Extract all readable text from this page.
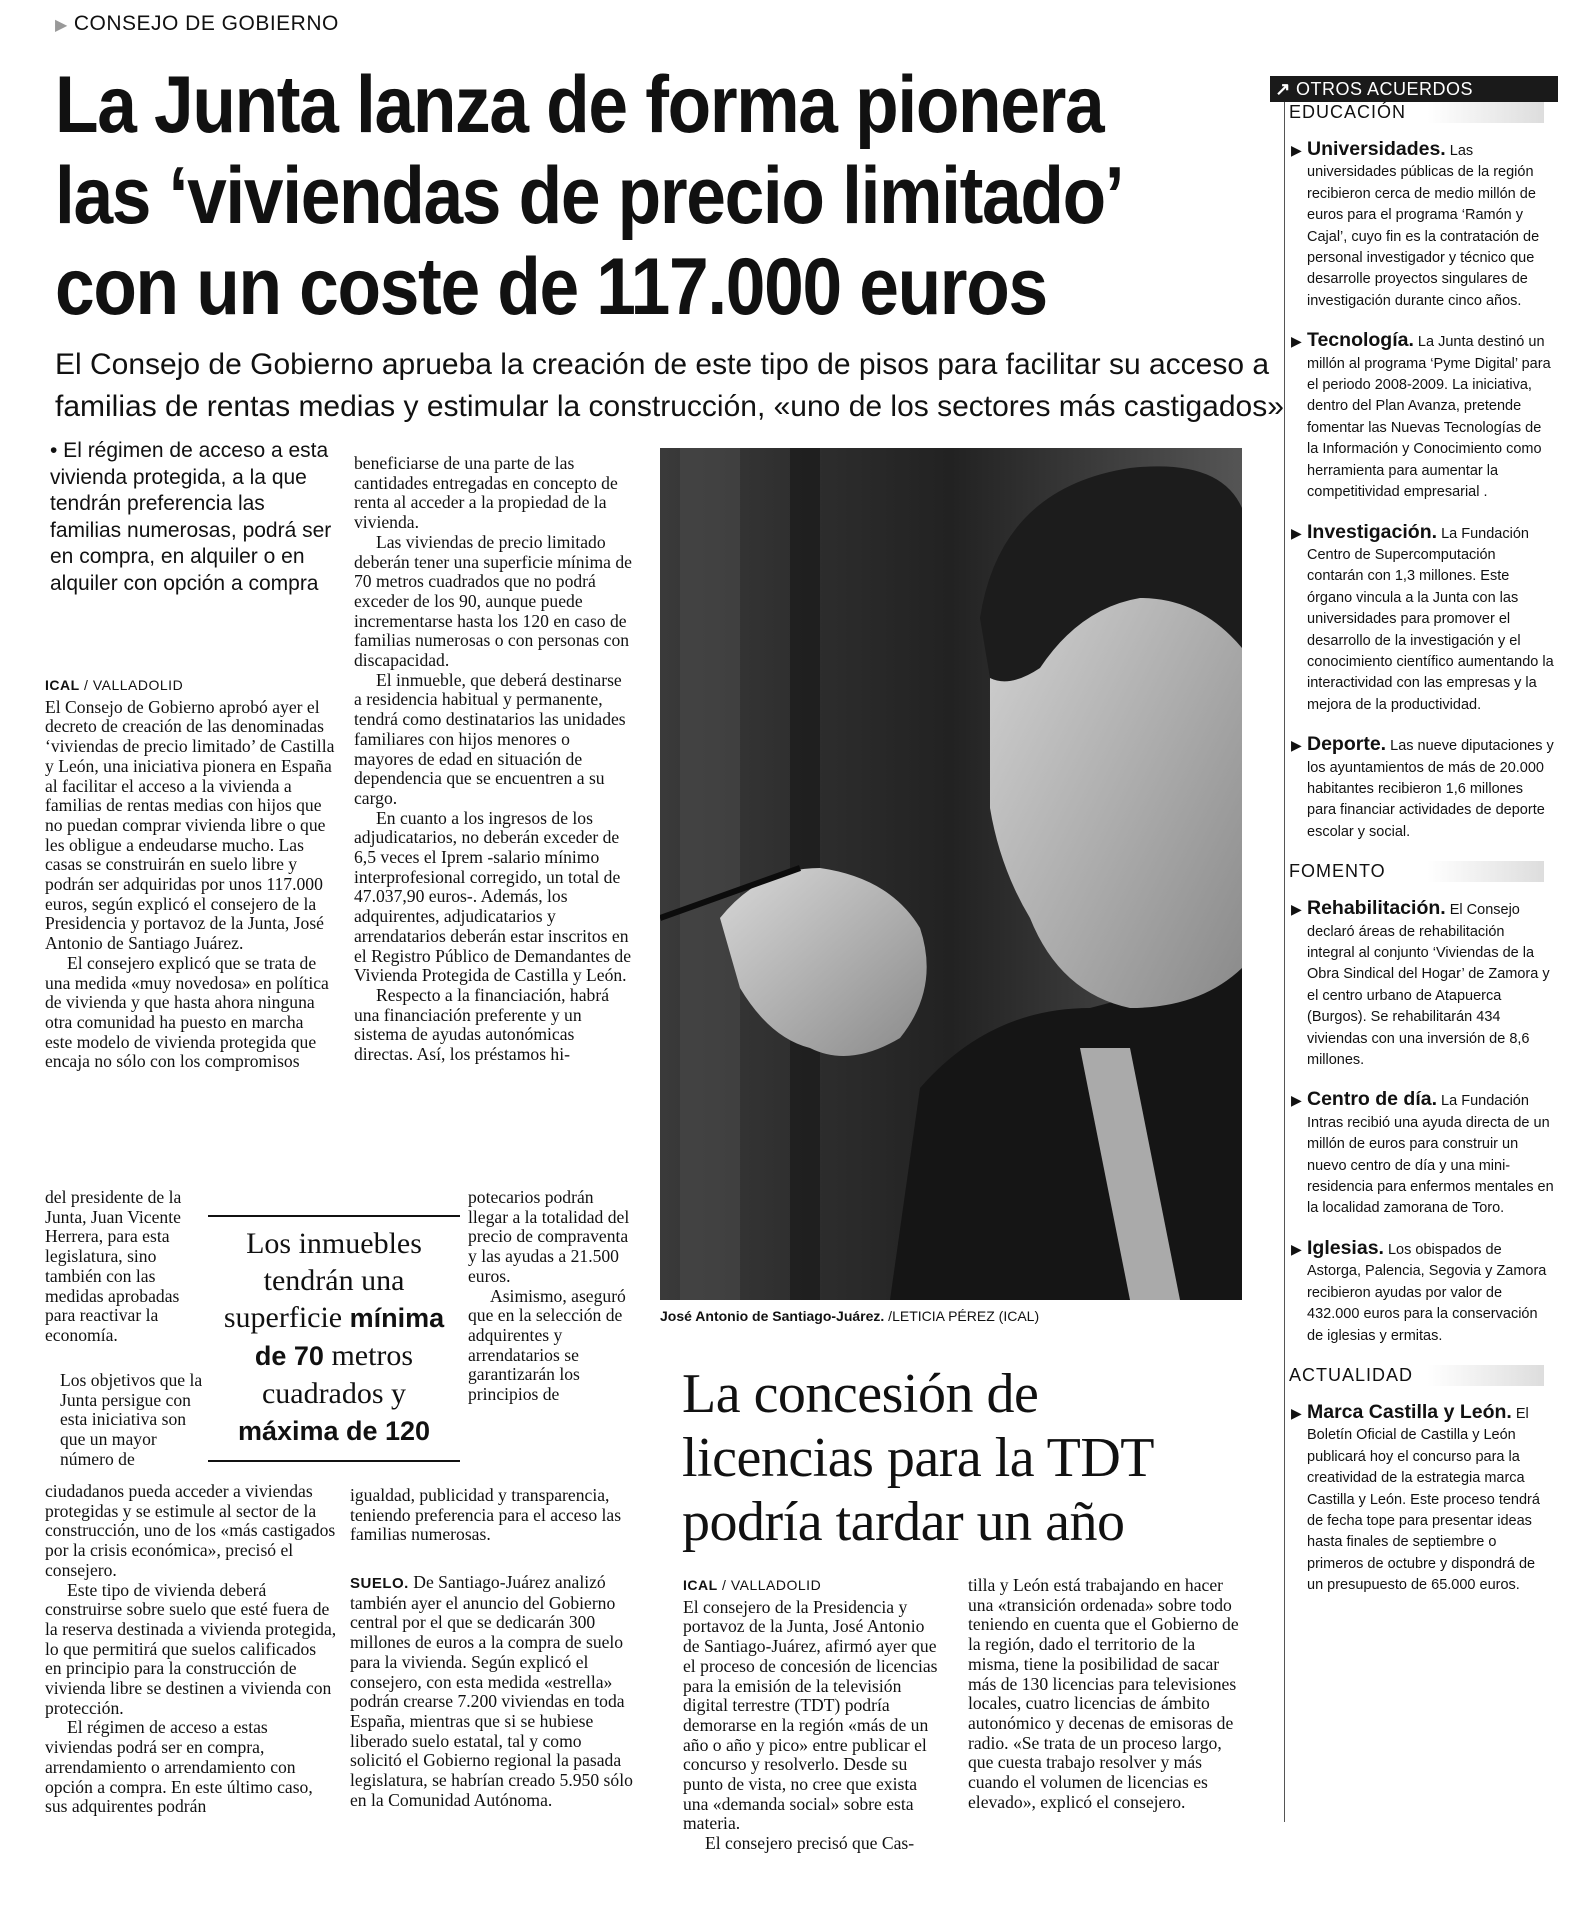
▶ CONSEJO DE GOBIERNO
La Junta lanza de forma pionera
las ‘viviendas de precio limitado’
con un coste de 117.000 euros
El Consejo de Gobierno aprueba la creación de este tipo de pisos para facilitar su acceso a
familias de rentas medias y estimular la construcción, «uno de los sectores más castigados»
• El régimen de acceso a esta vivienda protegida, a la que tendrán preferencia las familias numerosas, podrá ser en compra, en alquiler o en alquiler con opción a compra
ICAL / VALLADOLID

El Consejo de Gobierno aprobó ayer el decreto de creación de las denominadas ‘viviendas de precio limitado’ de Castilla y León, una iniciativa pionera en España al facilitar el acceso a la vivienda a familias de rentas medias con hijos que no puedan comprar vivienda libre o que les obligue a endeudarse mucho. Las casas se construirán en suelo libre y podrán ser adquiridas por unos 117.000 euros, según explicó el consejero de la Presidencia y portavoz de la Junta, José Antonio de Santiago Juárez.

El consejero explicó que se trata de una medida «muy novedosa» en política de vivienda y que hasta ahora ninguna otra comunidad ha puesto en marcha este modelo de vivienda protegida que encaja no sólo con los compromisos

del presidente de la Junta, Juan Vicente Herrera, para esta legislatura, sino también con las medidas aprobadas para reactivar la economía.

Los objetivos que la Junta persigue con esta iniciativa son que un mayor número de

ciudadanos pueda acceder a viviendas protegidas y se estimule al sector de la construcción, uno de los «más castigados por la crisis económica», precisó el consejero.

Este tipo de vivienda deberá construirse sobre suelo que esté fuera de la reserva destinada a vivienda protegida, lo que permitirá que suelos calificados en principio para la construcción de vivienda libre se destinen a vivienda con protección.

El régimen de acceso a estas viviendas podrá ser en compra, arrendamiento o arrendamiento con opción a compra. En este último caso, sus adquirentes podrán

beneficiarse de una parte de las cantidades entregadas en concepto de renta al acceder a la propiedad de la vivienda.

Las viviendas de precio limitado deberán tener una superficie mínima de 70 metros cuadrados que no podrá exceder de los 90, aunque puede incrementarse hasta los 120 en caso de familias numerosas o con personas con discapacidad.

El inmueble, que deberá destinarse a residencia habitual y permanente, tendrá como destinatarios las unidades familiares con hijos menores o mayores de edad en situación de dependencia que se encuentren a su cargo.

En cuanto a los ingresos de los adjudicatarios, no deberán exceder de 6,5 veces el Iprem -salario mínimo interprofesional corregido, un total de 47.037,90 euros-. Además, los adquirentes, adjudicatarios y arrendatarios deberán estar inscritos en el Registro Público de Demandantes de Vivienda Protegida de Castilla y León.

Respecto a la financiación, habrá una financiación preferente y un sistema de ayudas autonómicas directas. Así, los préstamos hi-

potecarios podrán llegar a la totalidad del precio de compraventa y las ayudas a 21.500 euros.

Asimismo, aseguró que en la selección de adquirentes y arrendatarios se garantizarán los principios de

igualdad, publicidad y transparencia, teniendo preferencia para el acceso las familias numerosas.

SUELO. De Santiago-Juárez analizó también ayer el anuncio del Gobierno central por el que se dedicarán 300 millones de euros a la compra de suelo para la vivienda. Según explicó el consejero, con esta medida «estrella» podrán crearse 7.200 viviendas en toda España, mientras que si se hubiese liberado suelo estatal, tal y como solicitó el Gobierno regional la pasada legislatura, se habrían creado 5.950 sólo en la Comunidad Autónoma.

Los inmuebles
tendrán una
superficie mínima
de 70 metros
cuadrados y
máxima de 120
José Antonio de Santiago-Juárez. /LETICIA PÉREZ (ICAL)
La concesión de
licencias para la TDT
podría tardar un año
ICAL / VALLADOLID

El consejero de la Presidencia y portavoz de la Junta, José Antonio de Santiago-Juárez, afirmó ayer que el proceso de concesión de licencias para la emisión de la televisión digital terrestre (TDT) podría demorarse en la región «más de un año o año y pico» entre publicar el concurso y resolverlo. Desde su punto de vista, no cree que exista una «demanda social» sobre esta materia.

El consejero precisó que Cas-

tilla y León está trabajando en hacer una «transición ordenada» sobre todo teniendo en cuenta que el Gobierno de la región, dado el territorio de la misma, tiene la posibilidad de sacar más de 130 licencias para televisiones locales, cuatro licencias de ámbito autonómico y decenas de emisoras de radio. «Se trata de un proceso largo, que cuesta trabajo resolver y más cuando el volumen de licencias es elevado», explicó el consejero.

↗ OTROS ACUERDOS
EDUCACIÓN
▶ Universidades. Las universidades públicas de la región recibieron cerca de medio millón de euros para el programa ‘Ramón y Cajal’, cuyo fin es la contratación de personal investigador y técnico que desarrolle proyectos singulares de investigación durante cinco años.
▶ Tecnología. La Junta destinó un millón al programa ‘Pyme Digital’ para el periodo 2008-2009. La iniciativa, dentro del Plan Avanza, pretende fomentar las Nuevas Tecnologías de la Información y Conocimiento como herramienta para aumentar la competitividad empresarial .
▶ Investigación. La Fundación Centro de Supercomputación contarán con 1,3 millones. Este órgano vincula a la Junta con las universidades para promover el desarrollo de la investigación y el conocimiento científico aumentando la interactividad con las empresas y la mejora de la productividad.
▶ Deporte. Las nueve diputaciones y los ayuntamientos de más de 20.000 habitantes recibieron 1,6 millones para financiar actividades de deporte escolar y social.
FOMENTO
▶ Rehabilitación. El Consejo declaró áreas de rehabilitación integral al conjunto ‘Viviendas de la Obra Sindical del Hogar’ de Zamora y el centro urbano de Atapuerca (Burgos). Se rehabilitarán 434 viviendas con una inversión de 8,6 millones.
▶ Centro de día. La Fundación Intras recibió una ayuda directa de un millón de euros para construir un nuevo centro de día y una mini-residencia para enfermos mentales en la localidad zamorana de Toro.
▶ Iglesias. Los obispados de Astorga, Palencia, Segovia y Zamora recibieron ayudas por valor de 432.000 euros para la conservación de iglesias y ermitas.
ACTUALIDAD
▶ Marca Castilla y León. El Boletín Oficial de Castilla y León publicará hoy el concurso para la creatividad de la estrategia marca Castilla y León. Este proceso tendrá de fecha tope para presentar ideas hasta finales de septiembre o primeros de octubre y dispondrá de un presupuesto de 65.000 euros.
